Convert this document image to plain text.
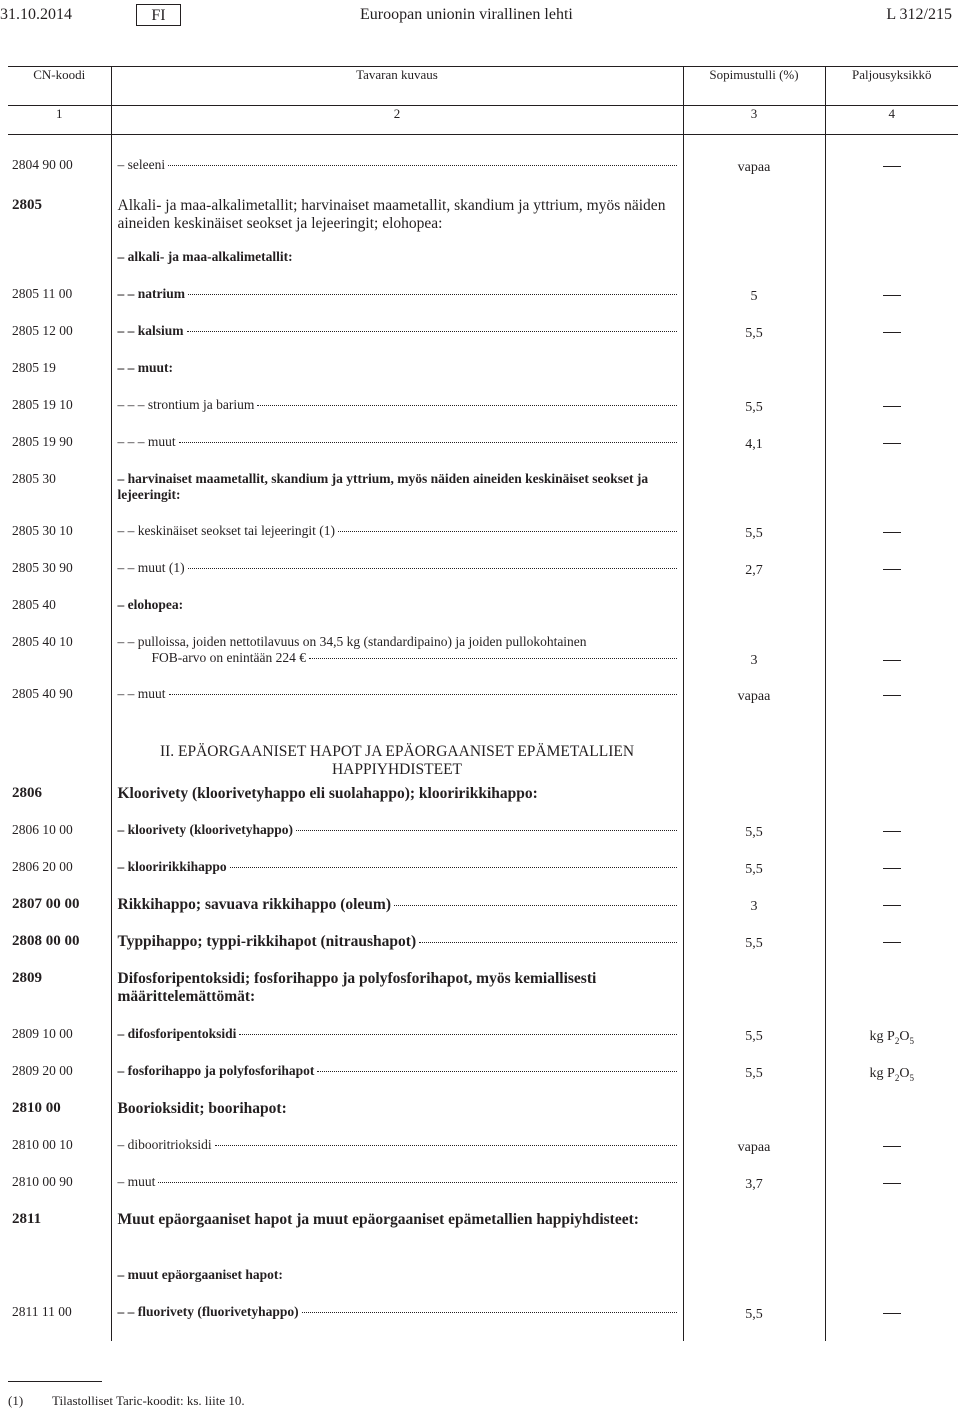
31.10.2014	FI	Euroopan unionin virallinen lehti	L 312/215
CN-koodi	Tavaran kuvaus	Sopimustulli (%)	Paljousyksikkö
1	2	3	4

2804 90 00	– seleeni	vapaa	

2805	Alkali- ja maa-alkalimetallit; harvinaiset maametallit, skandium ja yttrium, myös näiden aineiden keskinäiset seokset ja lejeeringit; elohopea:		

	– alkali- ja maa-alkalimetallit:		

2805 11 00	– – natrium	5	

2805 12 00	– – kalsium	5,5	

2805 19	– – muut:		

2805 19 10	– – – strontium ja barium	5,5	

2805 19 90	– – – muut	4,1	

2805 30	– harvinaiset maametallit, skandium ja yttrium, myös näiden aineiden keskinäiset seokset ja lejeeringit:		

2805 30 10	– – keskinäiset seokset tai lejeeringit (1)	5,5	

2805 30 90	– – muut (1)	2,7	

2805 40	– elohopea:		

2805 40 10	– – pulloissa, joiden nettotilavuus on 34,5 kg (standardipaino) ja joiden pullokohtainen
FOB-arvo on enintään 224 €	3	

2805 40 90	– – muut	vapaa	

	II. EPÄORGAANISET HAPOT JA EPÄORGAANISET EPÄMETALLIEN
HAPPIYHDISTEET		

2806	Kloorivety (kloorivetyhappo eli suolahappo); klooririkkihappo:		

2806 10 00	– kloorivety (kloorivetyhappo)	5,5	

2806 20 00	– klooririkkihappo	5,5	

2807 00 00	Rikkihappo; savuava rikkihappo (oleum)	3	

2808 00 00	Typpihappo; typpi-rikkihapot (nitraushapot)	5,5	

2809	Difosforipentoksidi; fosforihappo ja polyfosforihapot, myös kemiallisesti määrittelemättömät:		

2809 10 00	– difosforipentoksidi	5,5	kg $P_2O_5$

2809 20 00	– fosforihappo ja polyfosforihapot	5,5	kg $P_2O_5$

2810 00	Boorioksidit; boorihapot:		

2810 00 10	– dibooritrioksidi	vapaa	

2810 00 90	– muut	3,7	

2811	Muut epäorgaaniset hapot ja muut epäorgaaniset epämetallien happiyhdisteet:		

	– muut epäorgaaniset hapot:		

2811 11 00	– – fluorivety (fluorivetyhappo)	5,5	

(1) Tilastolliset Taric-koodit: ks. liite 10.
